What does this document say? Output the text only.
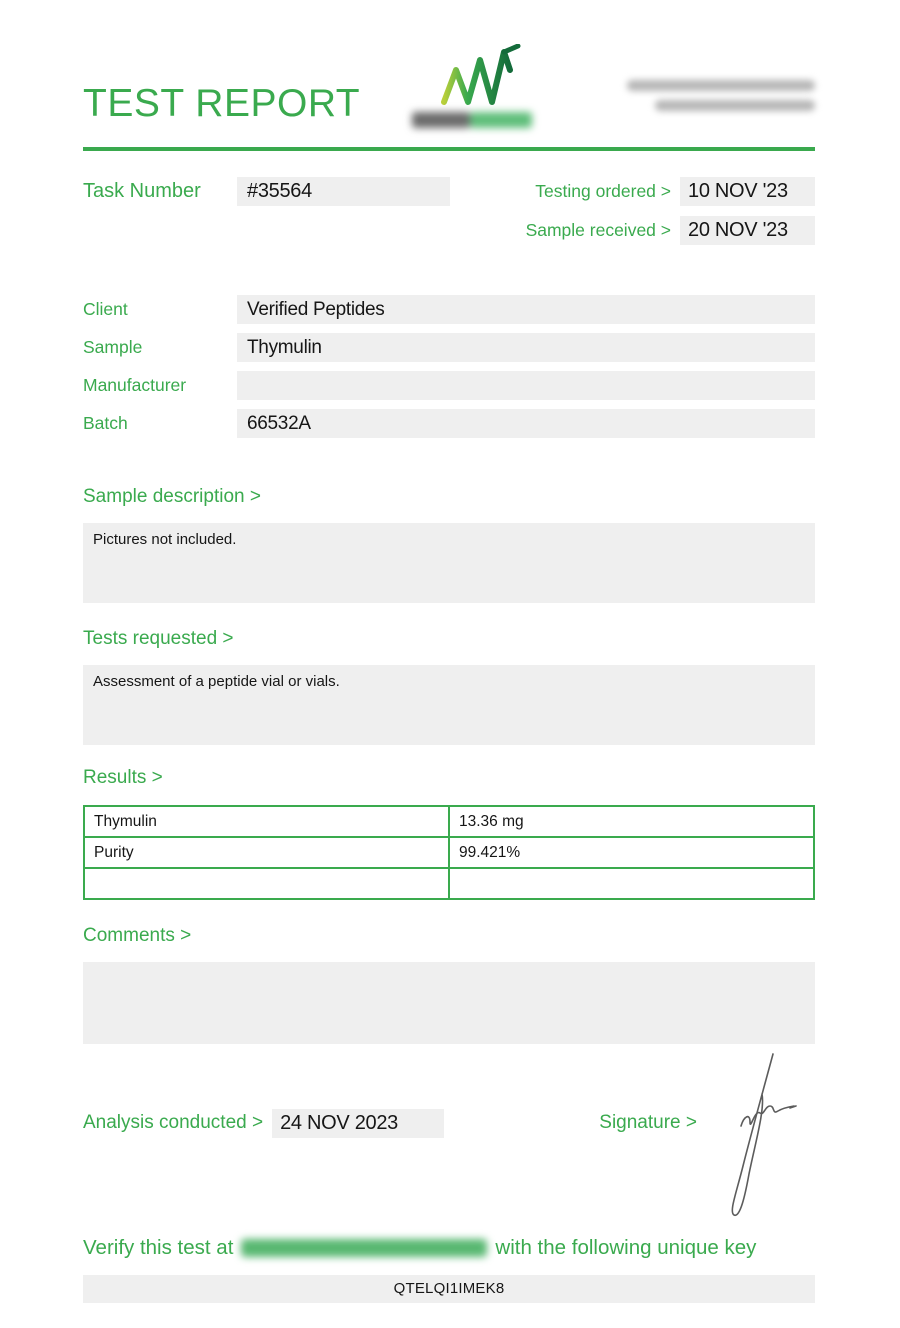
TEST REPORT
Task Number	#35564	Testing ordered > 10 NOV '23
Sample received > 20 NOV '23
Client	Verified Peptides
Sample	Thymulin
Manufacturer
Batch	66532A
Sample description >
Pictures not included.
Tests requested >
Assessment of a peptide vial or vials.
Results >
Thymulin	13.36 mg
Purity	99.421%

Comments >
Analysis conducted > 24 NOV 2023	Signature >
Verify this test at	with the following unique key
QTELQI1IMEK8
